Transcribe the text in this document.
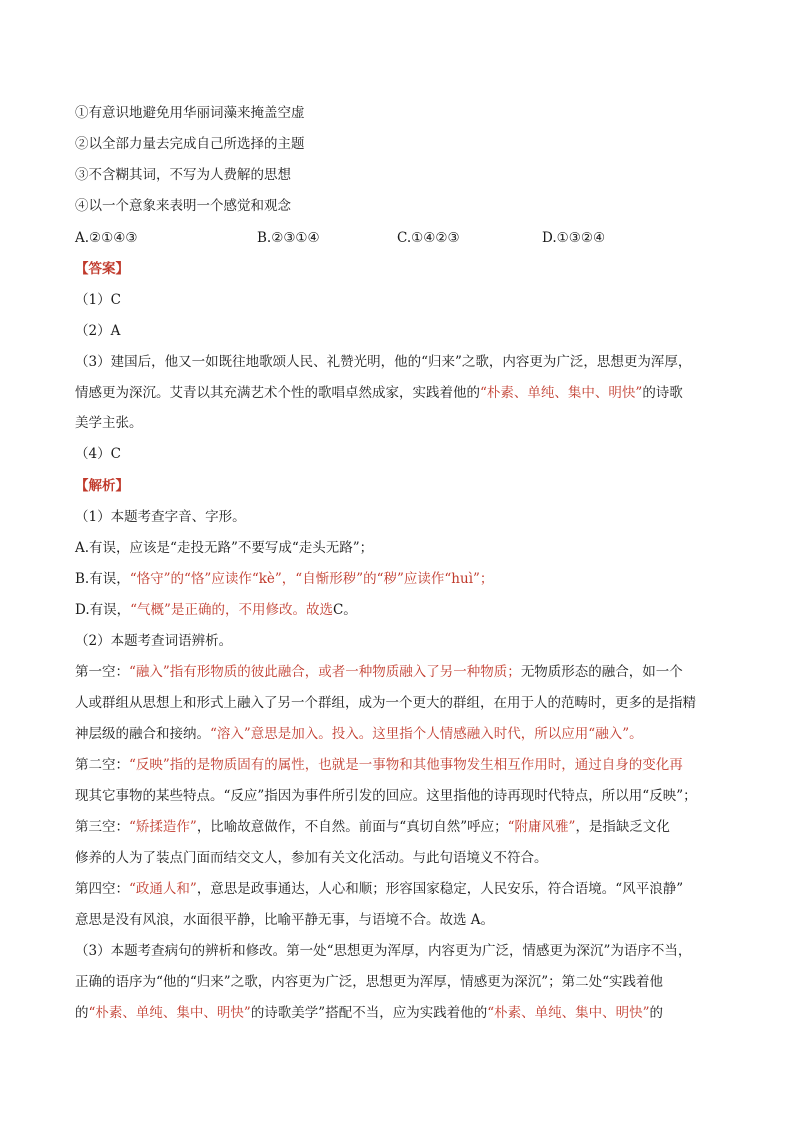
①有意识地避免用华丽词藻来掩盖空虚
②以全部力量去完成自己所选择的主题
③不含糊其词，不写为人费解的思想
④以一个意象来表明一个感觉和观念
A.②①④③	B.②③①④	C.①④②③	D.①③②④
【答案】
（1）C
（2）A
（3）建国后，他又一如既往地歌颂人民、礼赞光明，他的“归来”之歌，内容更为广泛，思想更为浑厚，
情感更为深沉。艾青以其充满艺术个性的歌唱卓然成家，实践着他的“朴素、单纯、集中、明快”的诗歌
美学主张。
（4）C
【解析】
（1）本题考查字音、字形。
A.有误，应该是“走投无路”不要写成“走头无路”；
B.有误，“恪守”的“恪”应读作“kè”，“自惭形秽”的“秽”应读作“huì”；
D.有误，“气概”是正确的，不用修改。故选C。
（2）本题考查词语辨析。
第一空：“融入”指有形物质的彼此融合，或者一种物质融入了另一种物质；无物质形态的融合，如一个
人或群组从思想上和形式上融入了另一个群组，成为一个更大的群组，在用于人的范畴时，更多的是指精
神层级的融合和接纳。“溶入”意思是加入。投入。这里指个人情感融入时代，所以应用“融入”。
第二空：“反映”指的是物质固有的属性，也就是一事物和其他事物发生相互作用时，通过自身的变化再
现其它事物的某些特点。“反应”指因为事件所引发的回应。这里指他的诗再现时代特点，所以用“反映”；
第三空：“矫揉造作”，比喻故意做作，不自然。前面与“真切自然”呼应；“附庸风雅”，是指缺乏文化
修养的人为了装点门面而结交文人，参加有关文化活动。与此句语境义不符合。
第四空：“政通人和”，意思是政事通达，人心和顺；形容国家稳定，人民安乐，符合语境。“风平浪静”
意思是没有风浪，水面很平静，比喻平静无事，与语境不合。故选 A。
（3）本题考查病句的辨析和修改。第一处“思想更为浑厚，内容更为广泛，情感更为深沉”为语序不当，
正确的语序为“他的“归来”之歌，内容更为广泛，思想更为浑厚，情感更为深沉”；第二处“实践着他
的“朴素、单纯、集中、明快”的诗歌美学”搭配不当，应为实践着他的“朴素、单纯、集中、明快”的
